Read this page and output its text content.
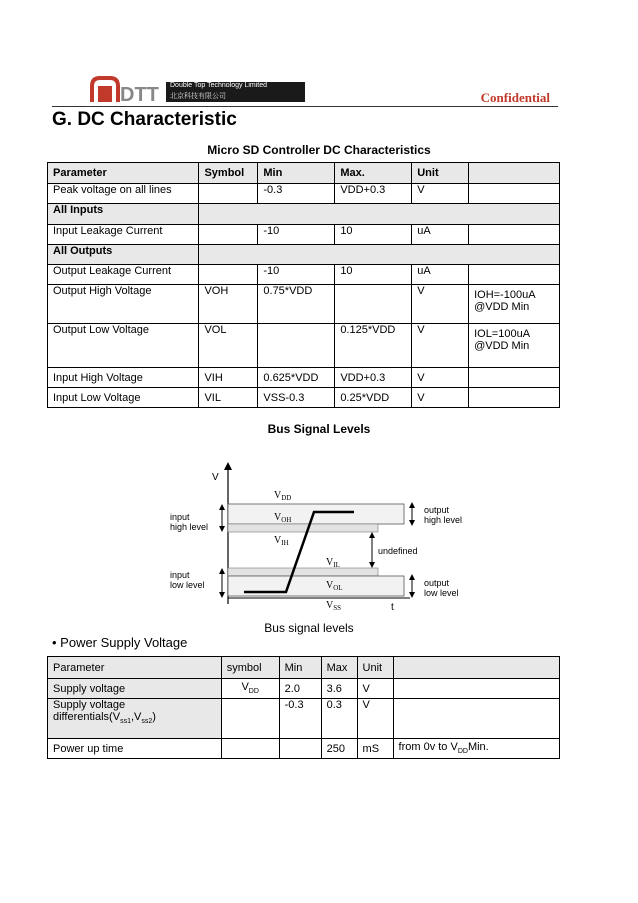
DTT Double Top Technology Limited
北京科技有限公司	Confidential
G. DC Characteristic
Micro SD Controller DC Characteristics
Parameter	Symbol	Min	Max.	Unit	
Peak voltage on all lines		-0.3	VDD+0.3	V	
All Inputs					
Input Leakage Current		-10	10	uA	
All Outputs					
Output Leakage Current		-10	10	uA	
Output High Voltage	VOH	0.75*VDD		V	IOH=-100uA
@VDD Min
Output Low Voltage	VOL		0.125*VDD	V	IOL=100uA
@VDD Min
Input High Voltage	VIH	0.625*VDD	VDD+0.3	V	
Input Low Voltage	VIL	VSS-0.3	0.25*VDD	V	
Bus Signal Levels
V
t
$V_{DD}$
$V_{OH}$
$V_{IH}$
$V_{IL}$
$V_{OL}$
$V_{SS}$
input
high level
input
low level
output
high level
undefined
output
low level
Bus signal levels
• Power Supply Voltage
Parameter	symbol	Min	Max	Unit	
Supply voltage	$V_{DD}$	2.0	3.6	V	
Supply voltage $differentials(V_{ss1},V_{ss2})$		-0.3	0.3	V	
Power up time			250	mS	from 0v to $V_{DD}Min$.
